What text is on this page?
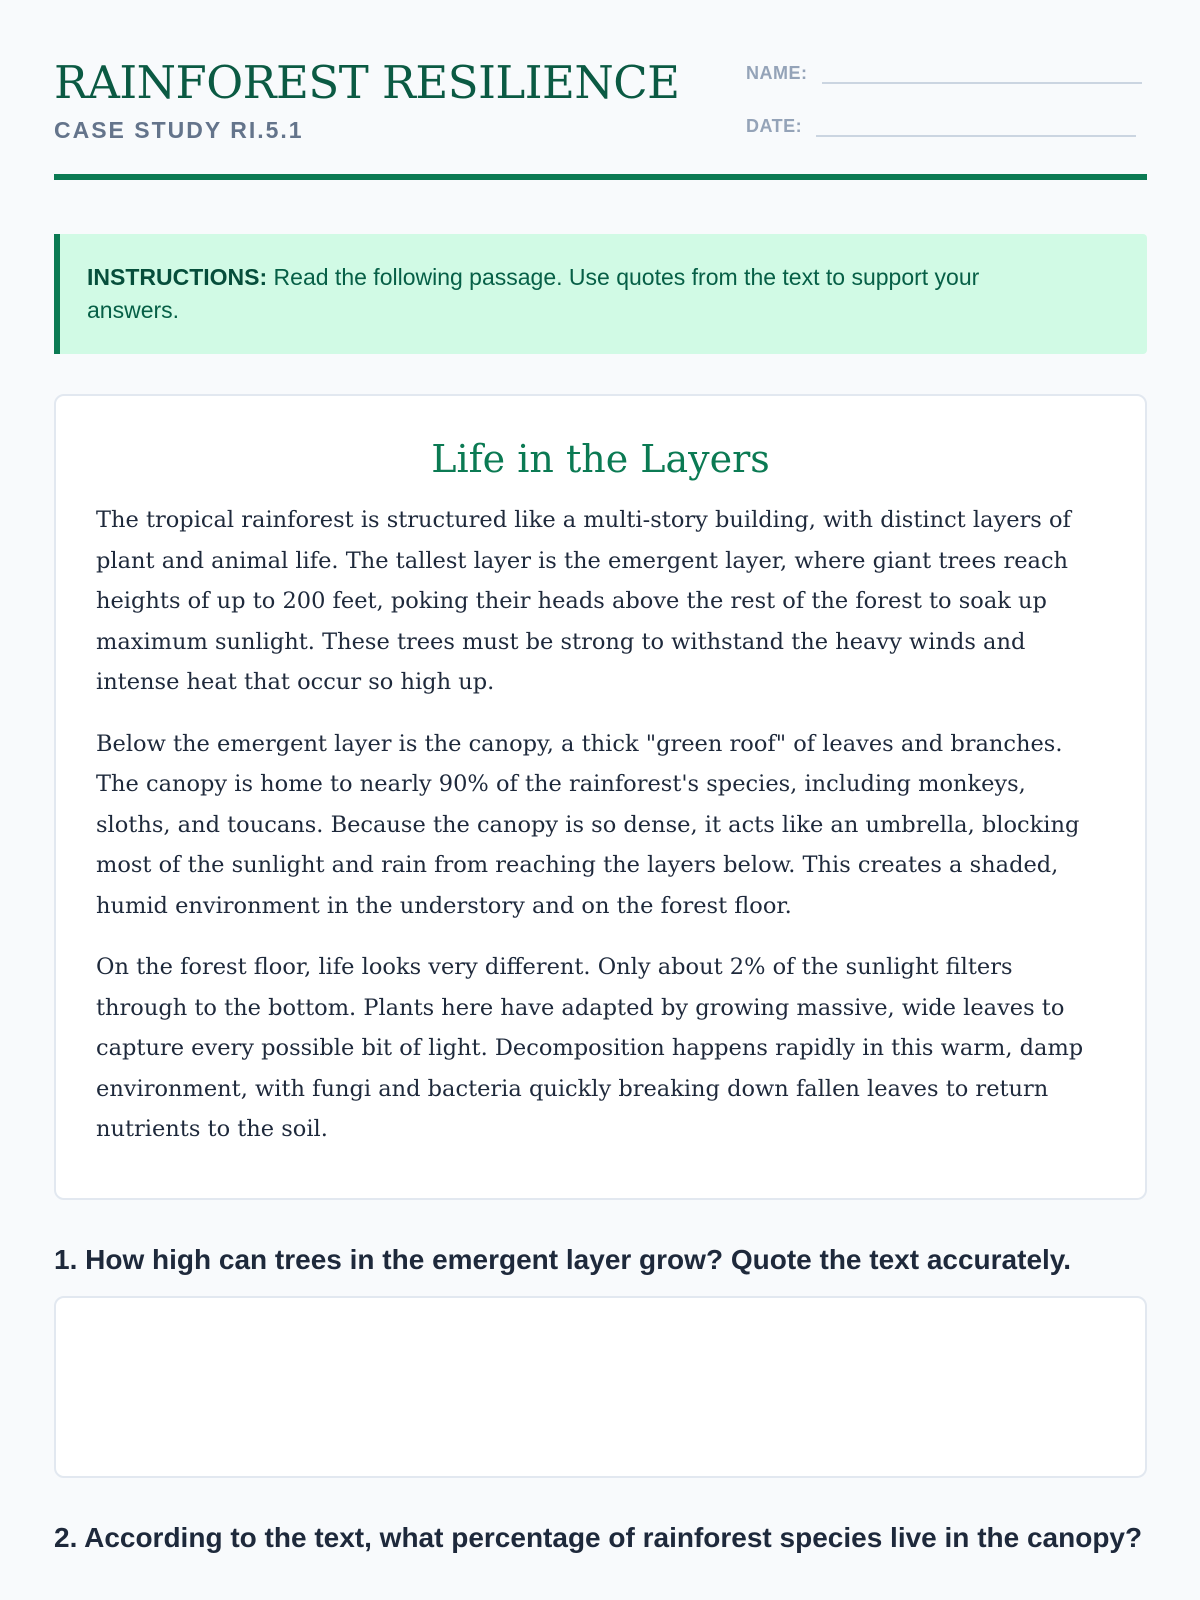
RAINFOREST RESILIENCE
CASE STUDY RI.5.1
NAME:
DATE:
INSTRUCTIONS: Read the following passage. Use quotes from the text to support your answers.
Life in the Layers

The tropical rainforest is structured like a multi-story building, with distinct layers of plant and animal life. The tallest layer is the emergent layer, where giant trees reach heights of up to 200 feet, poking their heads above the rest of the forest to soak up maximum sunlight. These trees must be strong to withstand the heavy winds and intense heat that occur so high up.

Below the emergent layer is the canopy, a thick "green roof" of leaves and branches. The canopy is home to nearly 90% of the rainforest's species, including monkeys, sloths, and toucans. Because the canopy is so dense, it acts like an umbrella, blocking most of the sunlight and rain from reaching the layers below. This creates a shaded, humid environment in the understory and on the forest floor.

On the forest floor, life looks very different. Only about 2% of the sunlight filters through to the bottom. Plants here have adapted by growing massive, wide leaves to capture every possible bit of light. Decomposition happens rapidly in this warm, damp environment, with fungi and bacteria quickly breaking down fallen leaves to return nutrients to the soil.

1. How high can trees in the emergent layer grow? Quote the text accurately.
2. According to the text, what percentage of rainforest species live in the canopy?
